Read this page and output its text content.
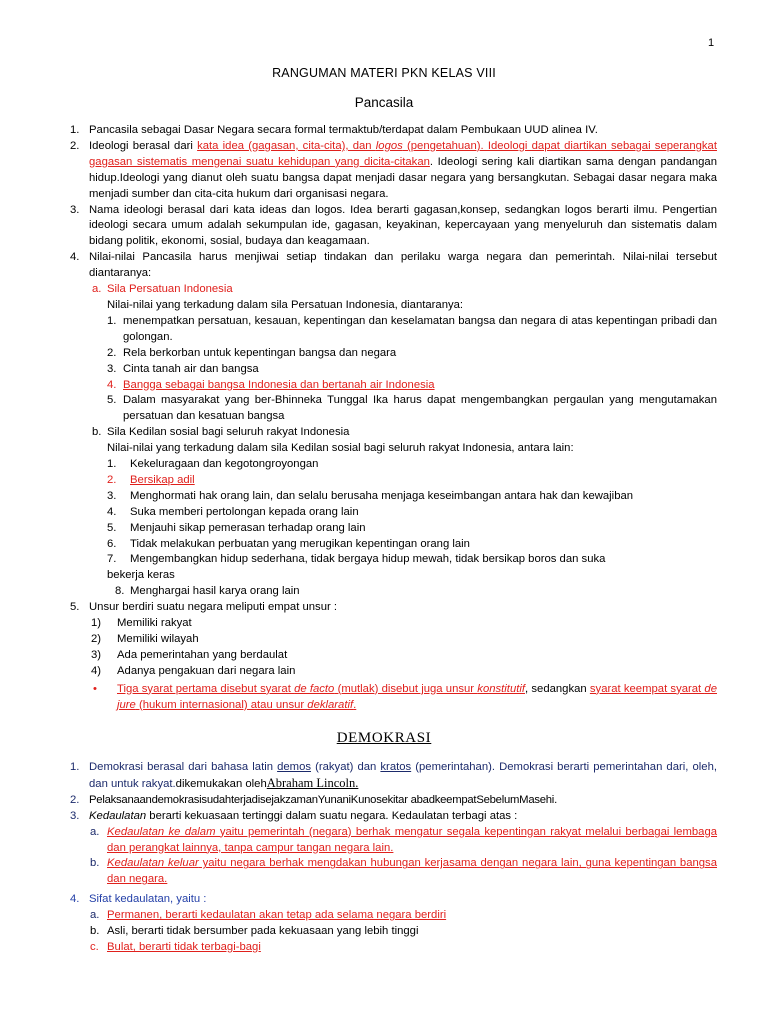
1
RANGUMAN MATERI PKN KELAS VIII
Pancasila
1. Pancasila sebagai Dasar Negara secara formal termaktub/terdapat dalam Pembukaan UUD alinea IV.
2. Ideologi berasal dari kata idea (gagasan, cita-cita), dan logos (pengetahuan). Ideologi dapat diartikan sebagai seperangkat gagasan sistematis mengenai suatu kehidupan yang dicita-citakan. Ideologi sering kali diartikan sama dengan pandangan hidup.Ideologi yang dianut oleh suatu bangsa dapat menjadi dasar negara yang bersangkutan. Sebagai dasar negara maka menjadi sumber dan cita-cita hukum dari organisasi negara.
3. Nama ideologi berasal dari kata ideas dan logos. Idea berarti gagasan,konsep, sedangkan logos berarti ilmu. Pengertian ideologi secara umum adalah sekumpulan ide, gagasan, keyakinan, kepercayaan yang menyeluruh dan sistematis dalam bidang politik, ekonomi, sosial, budaya dan keagamaan.
4. Nilai-nilai Pancasila harus menjiwai setiap tindakan dan perilaku warga negara dan pemerintah. Nilai-nilai tersebut diantaranya:
a. Sila Persatuan Indonesia
Nilai-nilai yang terkadung dalam sila Persatuan Indonesia, diantaranya:
1. menempatkan persatuan, kesauan, kepentingan dan keselamatan bangsa dan negara di atas kepentingan pribadi dan golongan.
2. Rela berkorban untuk kepentingan bangsa dan negara
3. Cinta tanah air dan bangsa
4. Bangga sebagai bangsa Indonesia dan bertanah air Indonesia
5. Dalam masyarakat yang ber-Bhinneka Tunggal Ika harus dapat mengembangkan pergaulan yang mengutamakan persatuan dan kesatuan bangsa
b. Sila Kedilan sosial bagi seluruh rakyat Indonesia
Nilai-nilai yang terkadung dalam sila Kedilan sosial bagi seluruh rakyat Indonesia, antara lain:
1. Kekeluragaan dan kegotongroyongan
2. Bersikap adil
3. Menghormati hak orang lain, dan selalu berusaha menjaga keseimbangan antara hak dan kewajiban
4. Suka memberi pertolongan kepada orang lain
5. Menjauhi sikap pemerasan terhadap orang lain
6. Tidak melakukan perbuatan yang merugikan kepentingan orang lain
7. Mengembangkan hidup sederhana, tidak bergaya hidup mewah, tidak bersikap boros dan suka
bekerja keras
8. Menghargai hasil karya orang lain
5. Unsur berdiri suatu negara meliputi empat unsur :
1) Memiliki rakyat
2) Memiliki wilayah
3) Ada pemerintahan yang berdaulat
4) Adanya pengakuan dari negara lain
• Tiga syarat pertama disebut syarat de facto (mutlak) disebut juga unsur konstitutif, sedangkan syarat keempat syarat de jure (hukum internasional) atau unsur deklaratif.
DEMOKRASI
1. Demokrasi berasal dari bahasa latin demos (rakyat) dan kratos (pemerintahan). Demokrasi berarti pemerintahan dari, oleh, dan untuk rakyat.dikemukakan olehAbraham Lincoln.
2. PelaksanaandemokrasisudahterjadisejakzamanYunaniKunosekitar abadkeempatSebelumMasehi.
3. Kedaulatan berarti kekuasaan tertinggi dalam suatu negara. Kedaulatan terbagi atas :
a. Kedaulatan ke dalam yaitu pemerintah (negara) berhak mengatur segala kepentingan rakyat melalui berbagai lembaga dan perangkat lainnya, tanpa campur tangan negara lain.
b. Kedaulatan keluar yaitu negara berhak mengdakan hubungan kerjasama dengan negara lain, guna kepentingan bangsa dan negara.
4. Sifat kedaulatan, yaitu :
a. Permanen, berarti kedaulatan akan tetap ada selama negara berdiri
b. Asli, berarti tidak bersumber pada kekuasaan yang lebih tinggi
c. Bulat, berarti tidak terbagi-bagi
